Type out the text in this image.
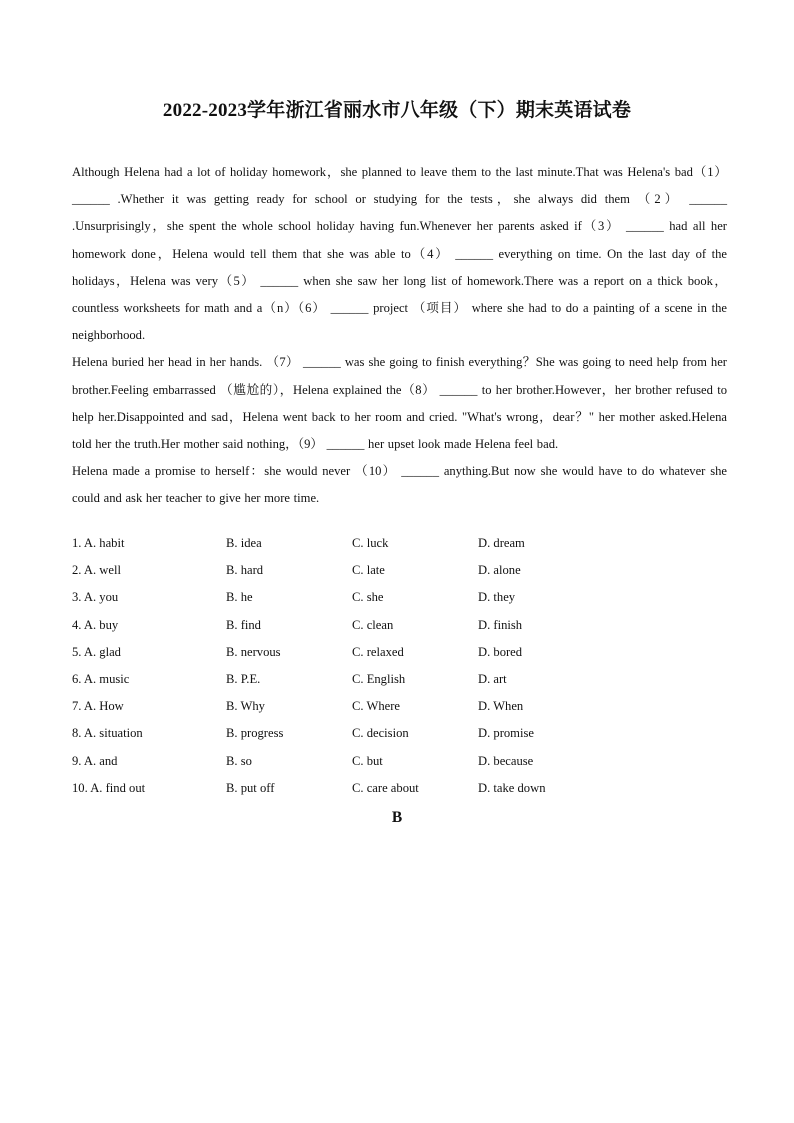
2022-2023学年浙江省丽水市八年级（下）期末英语试卷

Although Helena had a lot of holiday homework，she planned to leave them to the last minute.That was Helena's bad（1） ______ .Whether it was getting ready for school or studying for the tests，she always did them （2） ______ .Unsurprisingly，she spent the whole school holiday having fun.Whenever her parents asked if（3） ______ had all her homework done，Helena would tell them that she was able to（4） ______ everything on time. On the last day of the holidays，Helena was very（5） ______ when she saw her long list of homework.There was a report on a thick book，countless worksheets for math and a（n）（6） ______ project （项目） where she had to do a painting of a scene in the neighborhood.

Helena buried her head in her hands. （7） ______ was she going to finish everything？She was going to need help from her brother.Feeling embarrassed （尴尬的），Helena explained the（8） ______ to her brother.However，her brother refused to help her.Disappointed and sad，Helena went back to her room and cried. "What's wrong，dear？" her mother asked.Helena told her the truth.Her mother said nothing，（9） ______ her upset look made Helena feel bad.

Helena made a promise to herself：she would never （10） ______ anything.But now she would have to do whatever she could and ask her teacher to give her more time.

1. A. habit	B. idea	C. luck	D. dream
2. A. well	B. hard	C. late	D. alone
3. A. you	B. he	C. she	D. they
4. A. buy	B. find	C. clean	D. finish
5. A. glad	B. nervous	C. relaxed	D. bored
6. A. music	B. P.E.	C. English	D. art
7. A. How	B. Why	C. Where	D. When
8. A. situation	B. progress	C. decision	D. promise
9. A. and	B. so	C. but	D. because
10. A. find out	B. put off	C. care about	D. take down
B
